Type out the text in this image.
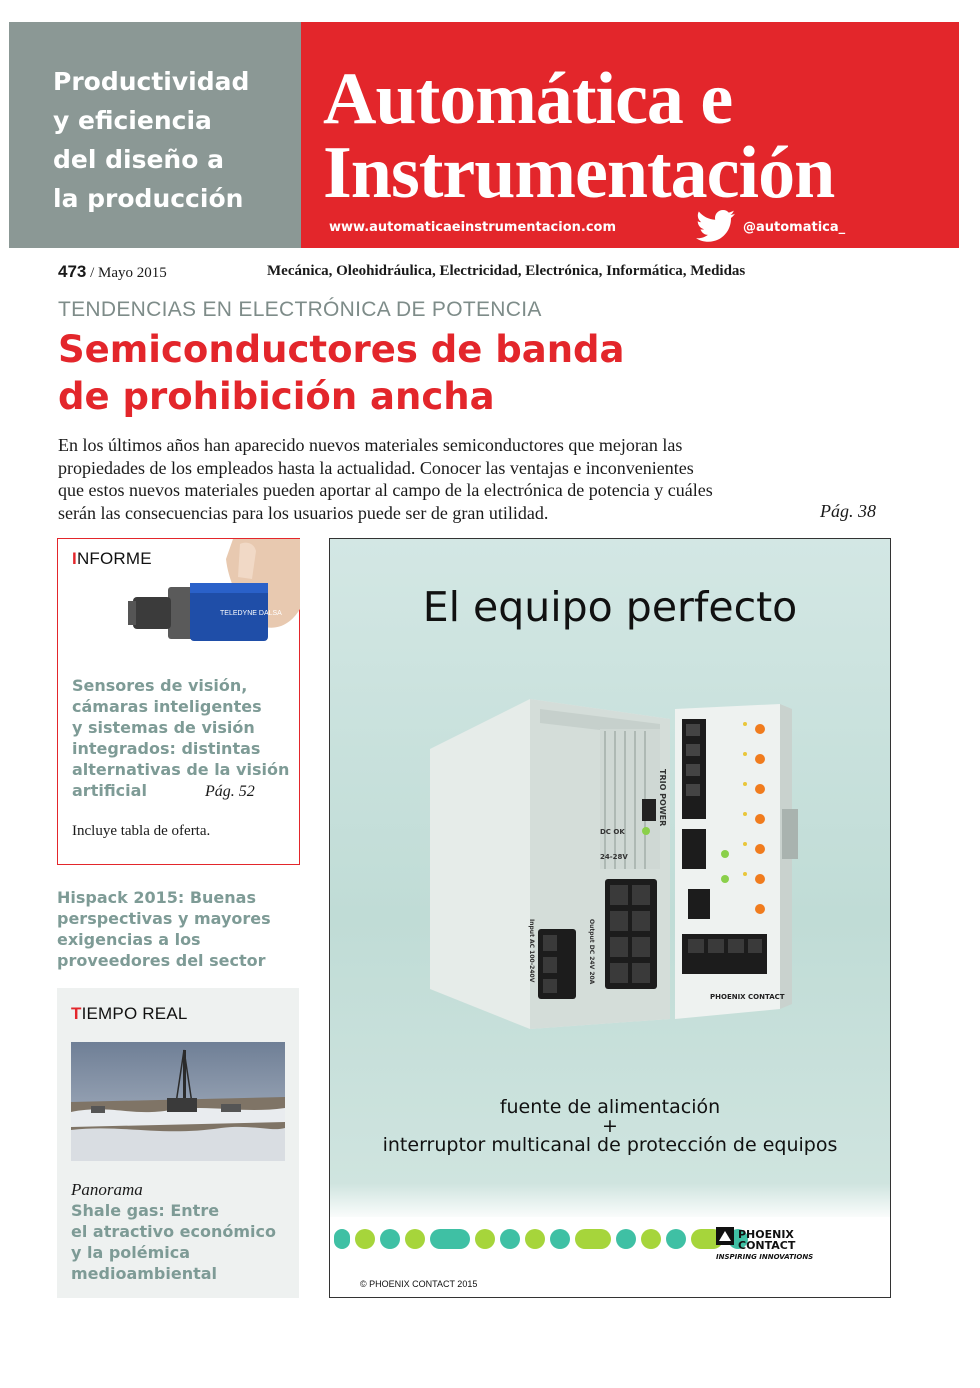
Productividad
y eficiencia
del diseño a
la producción
Automática e
Instrumentación
www.automaticaeinstrumentacion.com	@automatica_
473 / Mayo 2015	Mecánica, Oleohidráulica, Electricidad, Electrónica, Informática, Medidas
TENDENCIAS EN ELECTRÓNICA DE POTENCIA
Semiconductores de banda
de prohibición ancha
En los últimos años han aparecido nuevos materiales semiconductores que mejoran las
propiedades de los empleados hasta la actualidad. Conocer las ventajas e inconvenientes
que estos nuevos materiales pueden aportar al campo de la electrónica de potencia y cuáles
serán las consecuencias para los usuarios puede ser de gran utilidad.	Pág. 38
INFORME
TELEDYNE DALSA
Sensores de visión,
cámaras inteligentes
y sistemas de visión
integrados: distintas
alternativas de la visión
artificial	Pág. 52
Incluye tabla de oferta.
Hispack 2015: Buenas
perspectivas y mayores
exigencias a los
proveedores del sector
TIEMPO REAL
Panorama
Shale gas: Entre
el atractivo económico
y la polémica
medioambiental
El equipo perfecto
TRIO POWER
DC OK
24-28V
Input AC 100-240V	Output DC 24V 20A
PHOENIX CONTACT
fuente de alimentación
+
interruptor multicanal de protección de equipos
PHOENIX
CONTACT
INSPIRING INNOVATIONS
© PHOENIX CONTACT 2015
